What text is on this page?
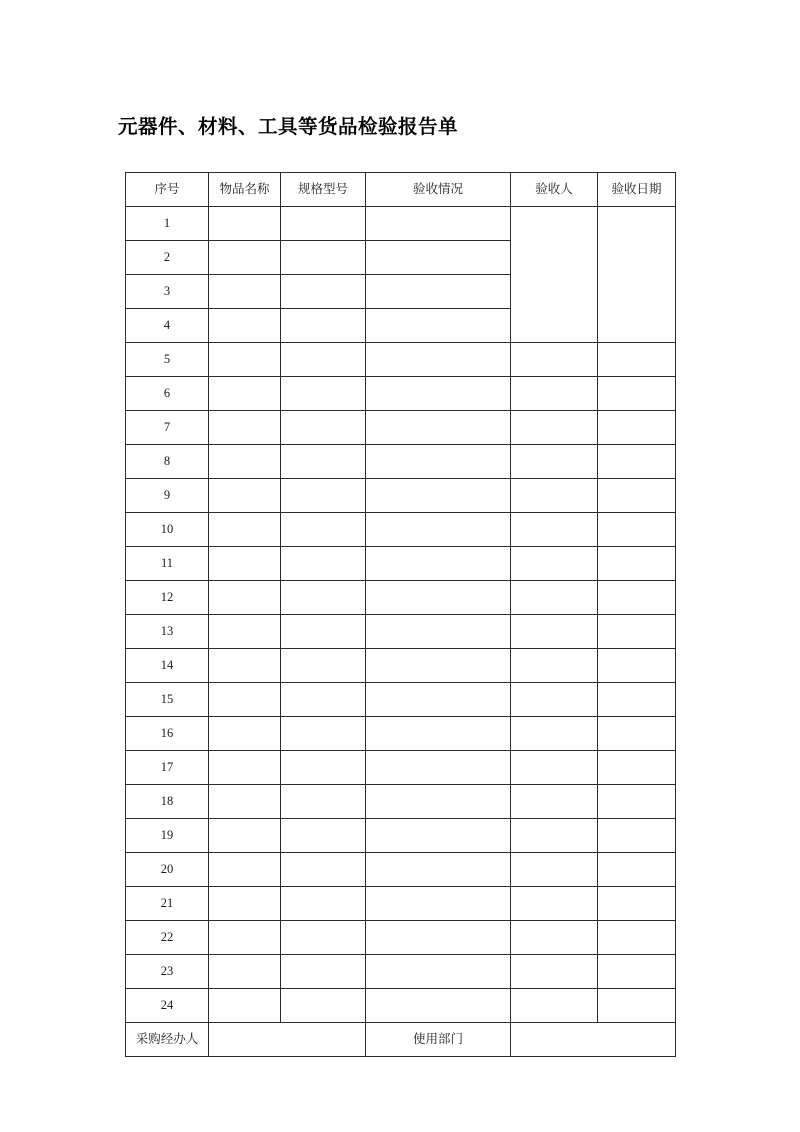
元器件、材料、工具等货品检验报告单
序号	物品名称	规格型号	验收情况	验收人	验收日期
1					
2					
3					
4					
5					
6					
7					
8					
9					
10					
11					
12					
13					
14					
15					
16					
17					
18					
19					
20					
21					
22					
23					
24					
采购经办人			使用部门		
